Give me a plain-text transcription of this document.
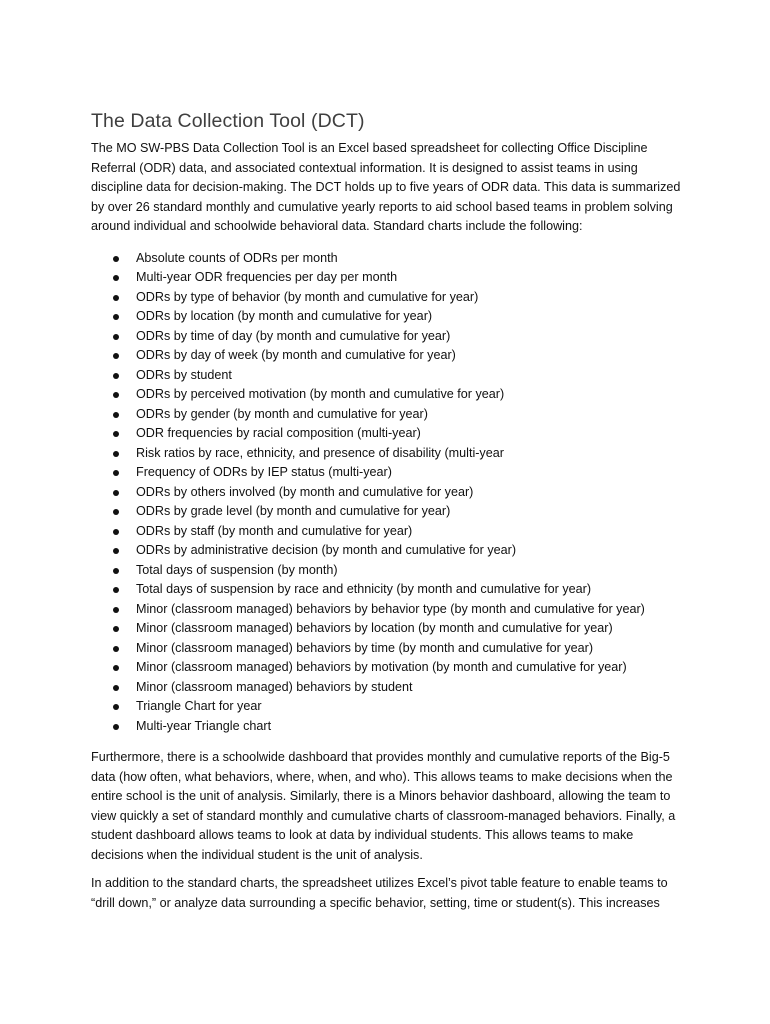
The Data Collection Tool (DCT)

The MO SW-PBS Data Collection Tool is an Excel based spreadsheet for collecting Office Discipline Referral (ODR) data, and associated contextual information. It is designed to assist teams in using discipline data for decision-making. The DCT holds up to five years of ODR data. This data is summarized by over 26 standard monthly and cumulative yearly reports to aid school based teams in problem solving around individual and schoolwide behavioral data. Standard charts include the following:

Absolute counts of ODRs per month
Multi-year ODR frequencies per day per month
ODRs by type of behavior (by month and cumulative for year)
ODRs by location (by month and cumulative for year)
ODRs by time of day (by month and cumulative for year)
ODRs by day of week (by month and cumulative for year)
ODRs by student
ODRs by perceived motivation (by month and cumulative for year)
ODRs by gender (by month and cumulative for year)
ODR frequencies by racial composition (multi-year)
Risk ratios by race, ethnicity, and presence of disability (multi-year
Frequency of ODRs by IEP status (multi-year)
ODRs by others involved (by month and cumulative for year)
ODRs by grade level (by month and cumulative for year)
ODRs by staff (by month and cumulative for year)
ODRs by administrative decision (by month and cumulative for year)
Total days of suspension (by month)
Total days of suspension by race and ethnicity (by month and cumulative for year)
Minor (classroom managed) behaviors by behavior type (by month and cumulative for year)
Minor (classroom managed) behaviors by location (by month and cumulative for year)
Minor (classroom managed) behaviors by time (by month and cumulative for year)
Minor (classroom managed) behaviors by motivation (by month and cumulative for year)
Minor (classroom managed) behaviors by student
Triangle Chart for year
Multi-year Triangle chart

Furthermore, there is a schoolwide dashboard that provides monthly and cumulative reports of the Big-5 data (how often, what behaviors, where, when, and who). This allows teams to make decisions when the entire school is the unit of analysis. Similarly, there is a Minors behavior dashboard, allowing the team to view quickly a set of standard monthly and cumulative charts of classroom-managed behaviors. Finally, a student dashboard allows teams to look at data by individual students. This allows teams to make decisions when the individual student is the unit of analysis.

In addition to the standard charts, the spreadsheet utilizes Excel’s pivot table feature to enable teams to “drill down,” or analyze data surrounding a specific behavior, setting, time or student(s). This increases
